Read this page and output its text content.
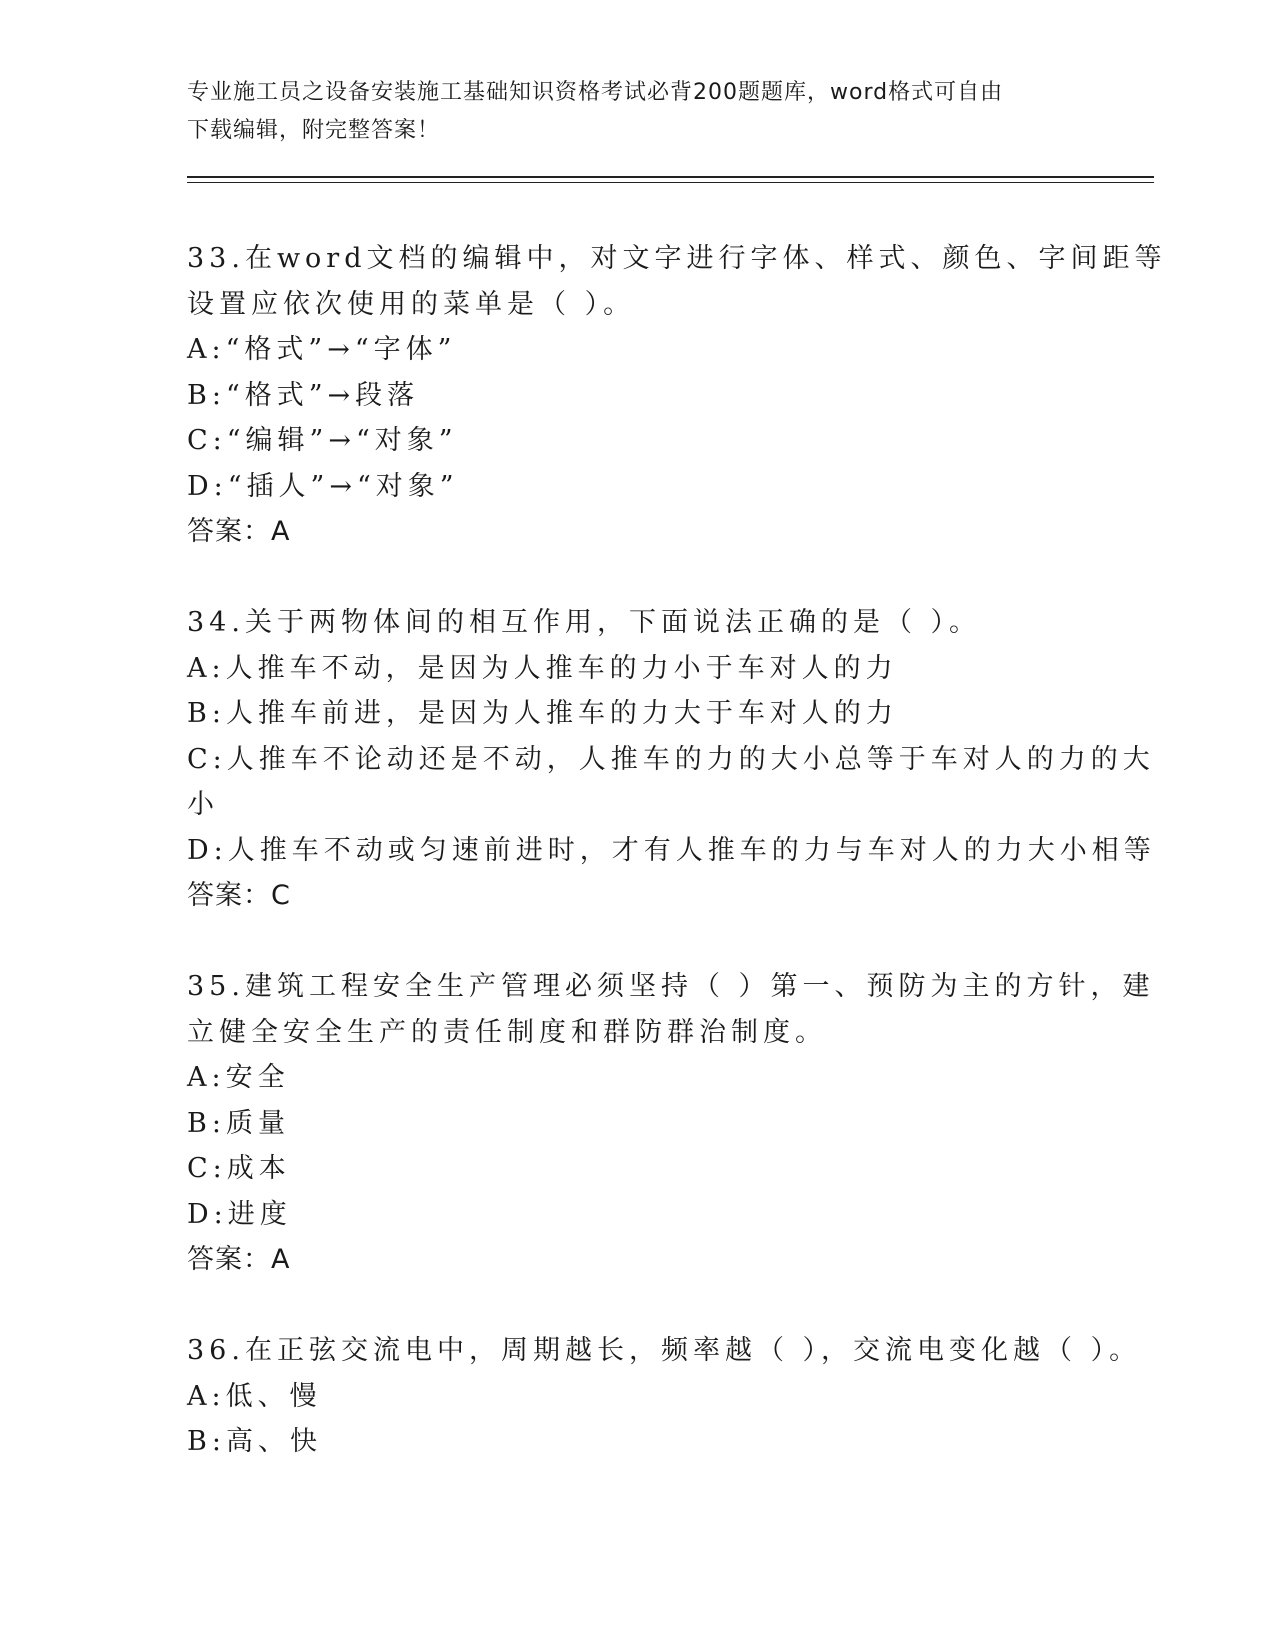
专业施工员之设备安装施工基础知识资格考试必背200题题库，word格式可自由
下载编辑，附完整答案！
33.在word文档的编辑中，对文字进行字体、样式、颜色、字间距等
设置应依次使用的菜单是（ ）。
A:“格式”→“字体”
B:“格式”→段落
C:“编辑”→“对象”
D:“插人”→“对象”
答案：A
34.关于两物体间的相互作用，下面说法正确的是（ ）。
A:人推车不动，是因为人推车的力小于车对人的力
B:人推车前进，是因为人推车的力大于车对人的力
C:人推车不论动还是不动，人推车的力的大小总等于车对人的力的大
小
D:人推车不动或匀速前进时，才有人推车的力与车对人的力大小相等
答案：C
35.建筑工程安全生产管理必须坚持（ ）第一、预防为主的方针，建
立健全安全生产的责任制度和群防群治制度。
A:安全
B:质量
C:成本
D:进度
答案：A
36.在正弦交流电中，周期越长，频率越（ ），交流电变化越（ ）。
A:低、慢
B:高、快
